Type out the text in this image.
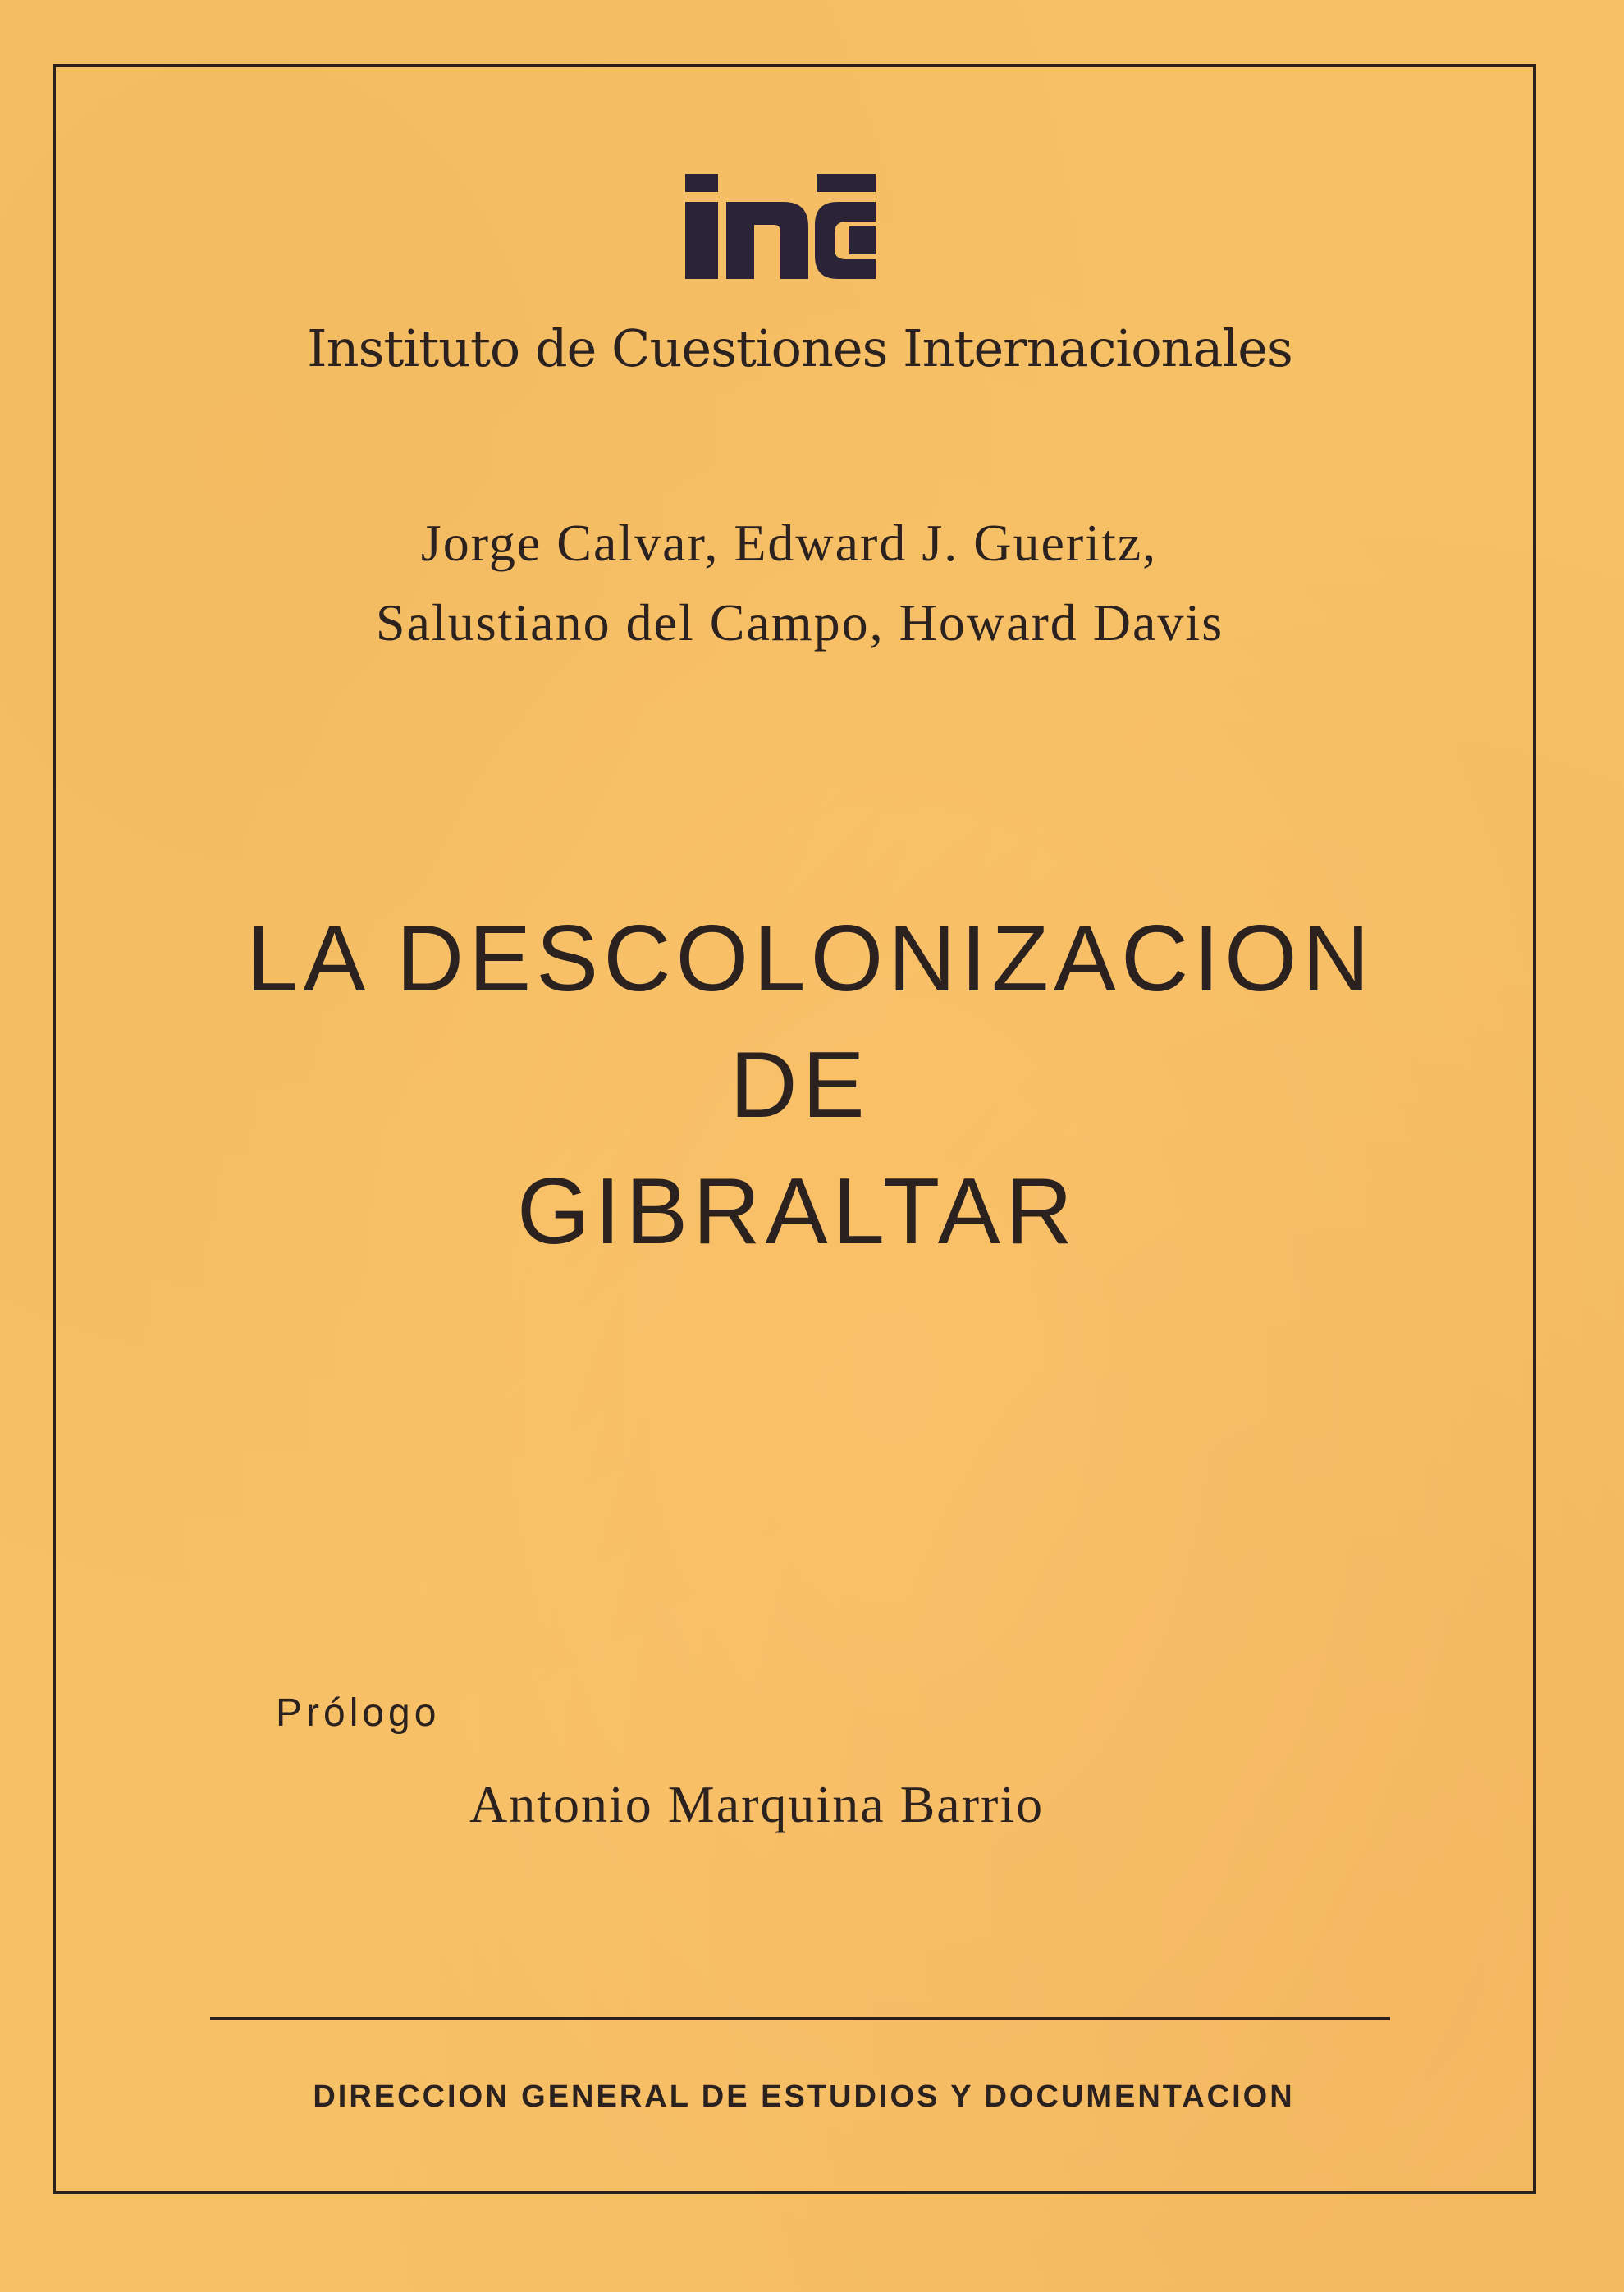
Instituto de Cuestiones Internacionales
Jorge Calvar, Edward J. Gueritz,
Salustiano del Campo, Howard Davis
LA DESCOLONIZACION
DE
GIBRALTAR
Prólogo
Antonio Marquina Barrio
DIRECCION GENERAL DE ESTUDIOS Y DOCUMENTACION
